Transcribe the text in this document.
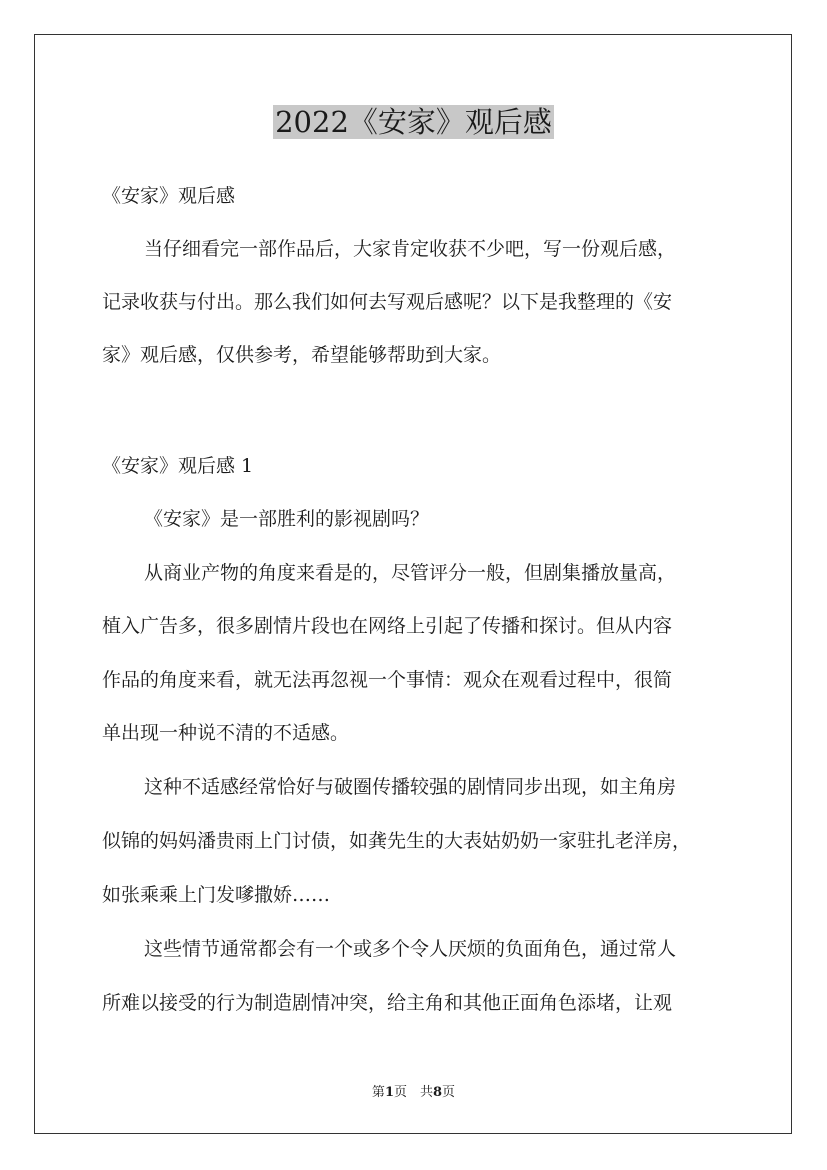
2022《安家》观后感
《安家》观后感
当仔细看完一部作品后，大家肯定收获不少吧，写一份观后感，
记录收获与付出。那么我们如何去写观后感呢？以下是我整理的《安
家》观后感，仅供参考，希望能够帮助到大家。
《安家》观后感 1
《安家》是一部胜利的影视剧吗？
从商业产物的角度来看是的，尽管评分一般，但剧集播放量高，
植入广告多，很多剧情片段也在网络上引起了传播和探讨。但从内容
作品的角度来看，就无法再忽视一个事情：观众在观看过程中，很简
单出现一种说不清的不适感。
这种不适感经常恰好与破圈传播较强的剧情同步出现，如主角房
似锦的妈妈潘贵雨上门讨债，如龚先生的大表姑奶奶一家驻扎老洋房，
如张乘乘上门发嗲撒娇……
这些情节通常都会有一个或多个令人厌烦的负面角色，通过常人
所难以接受的行为制造剧情冲突，给主角和其他正面角色添堵，让观
第1页　共8页
